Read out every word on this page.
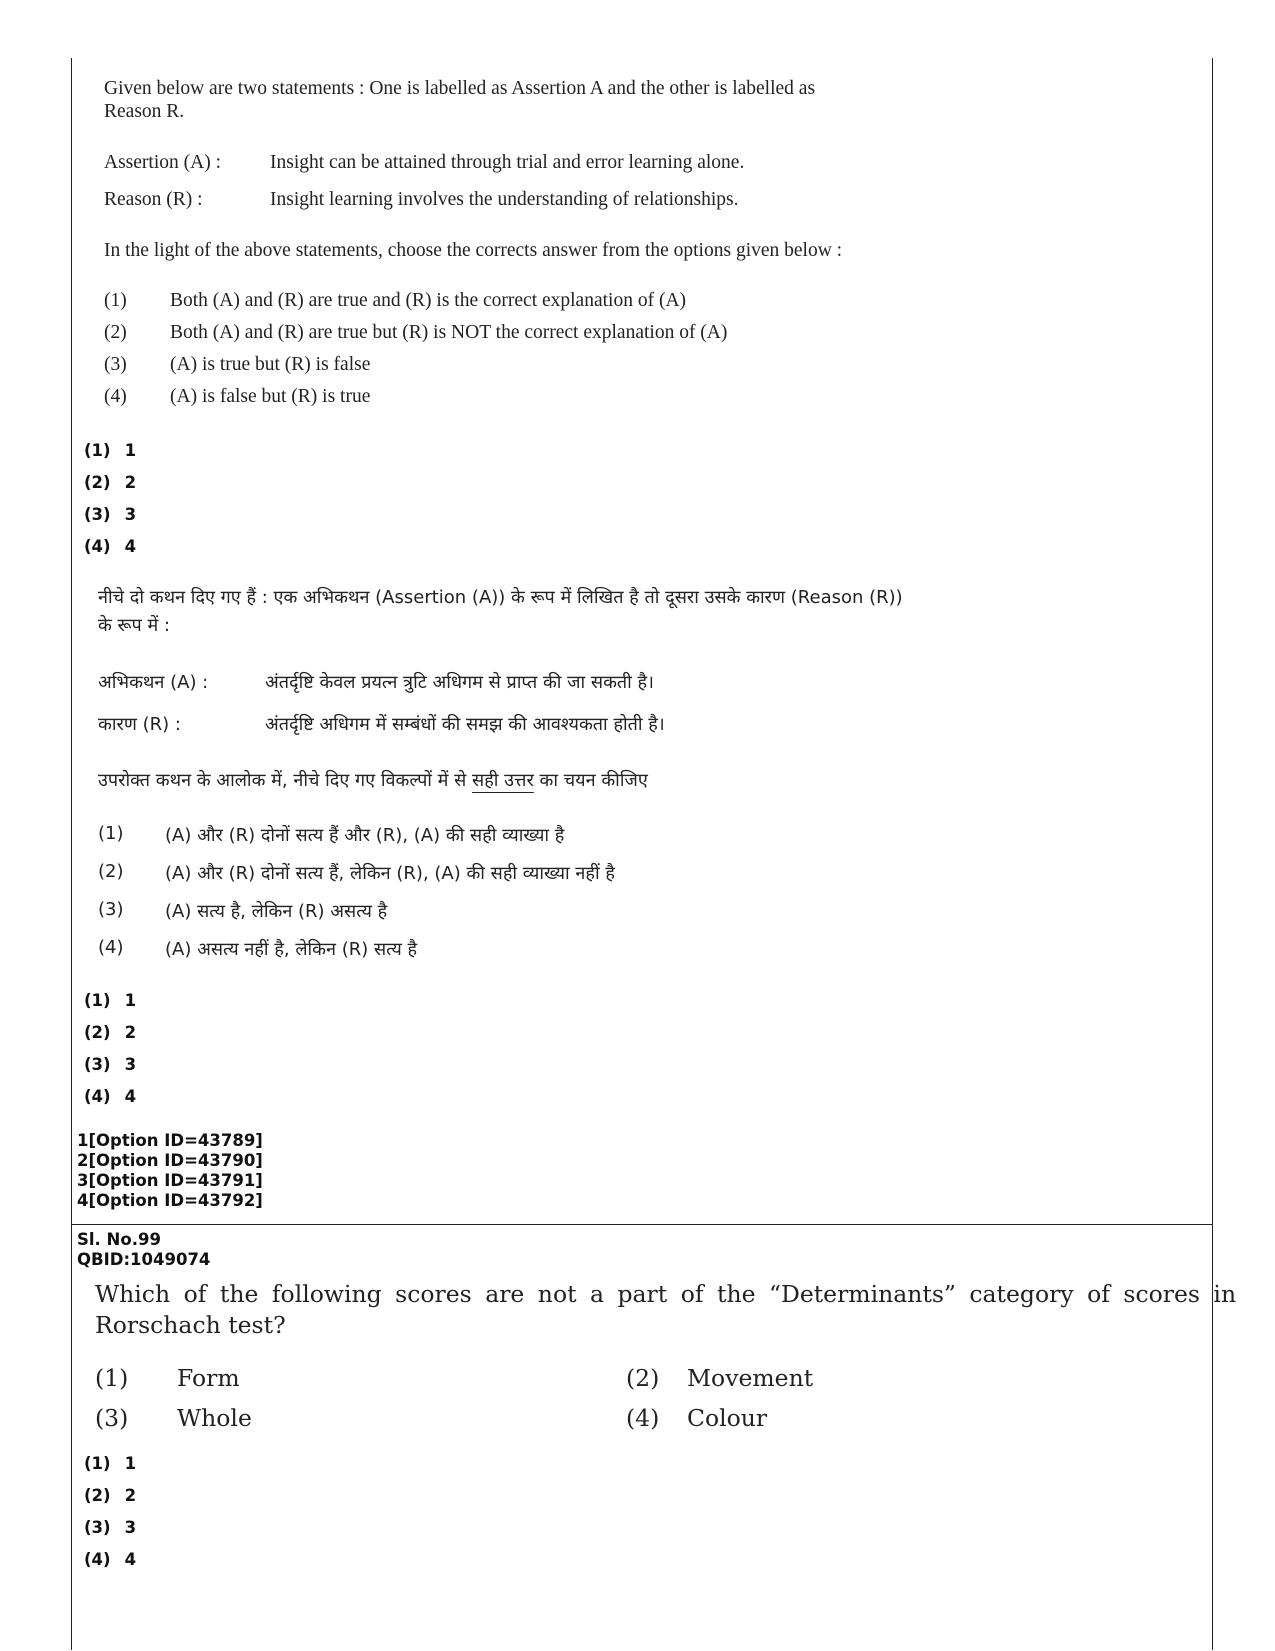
Given below are two statements : One is labelled as Assertion A and the other is labelled as
Reason R.
Assertion (A) :	Insight can be attained through trial and error learning alone.
Reason (R) :	Insight learning involves the understanding of relationships.
In the light of the above statements, choose the corrects answer from the options given below :
(1) Both (A) and (R) are true and (R) is the correct explanation of (A)
(2) Both (A) and (R) are true but (R) is NOT the correct explanation of (A)
(3) (A) is true but (R) is false
(4) (A) is false but (R) is true
(1) 1
(2) 2
(3) 3
(4) 4
नीचे दो कथन दिए गए हैं : एक अभिकथन (Assertion (A)) के रूप में लिखित है तो दूसरा उसके कारण (Reason (R))
के रूप में :
अभिकथन (A) :	अंतर्दृष्टि केवल प्रयत्न त्रुटि अधिगम से प्राप्त की जा सकती है।
कारण (R) :	अंतर्दृष्टि अधिगम में सम्बंधों की समझ की आवश्यकता होती है।
उपरोक्त कथन के आलोक में, नीचे दिए गए विकल्पों में से सही उत्तर का चयन कीजिए
(1) (A) और (R) दोनों सत्य हैं और (R), (A) की सही व्याख्या है
(2) (A) और (R) दोनों सत्य हैं, लेकिन (R), (A) की सही व्याख्या नहीं है
(3) (A) सत्य है, लेकिन (R) असत्य है
(4) (A) असत्य नहीं है, लेकिन (R) सत्य है
(1) 1
(2) 2
(3) 3
(4) 4
1[Option ID=43789]
2[Option ID=43790]
3[Option ID=43791]
4[Option ID=43792]
Sl. No.99
QBID:1049074
Which of the following scores are not a part of the “Determinants” category of scores in
Rorschach test?
(1) Form	(2) Movement
(3) Whole	(4) Colour
(1) 1
(2) 2
(3) 3
(4) 4
